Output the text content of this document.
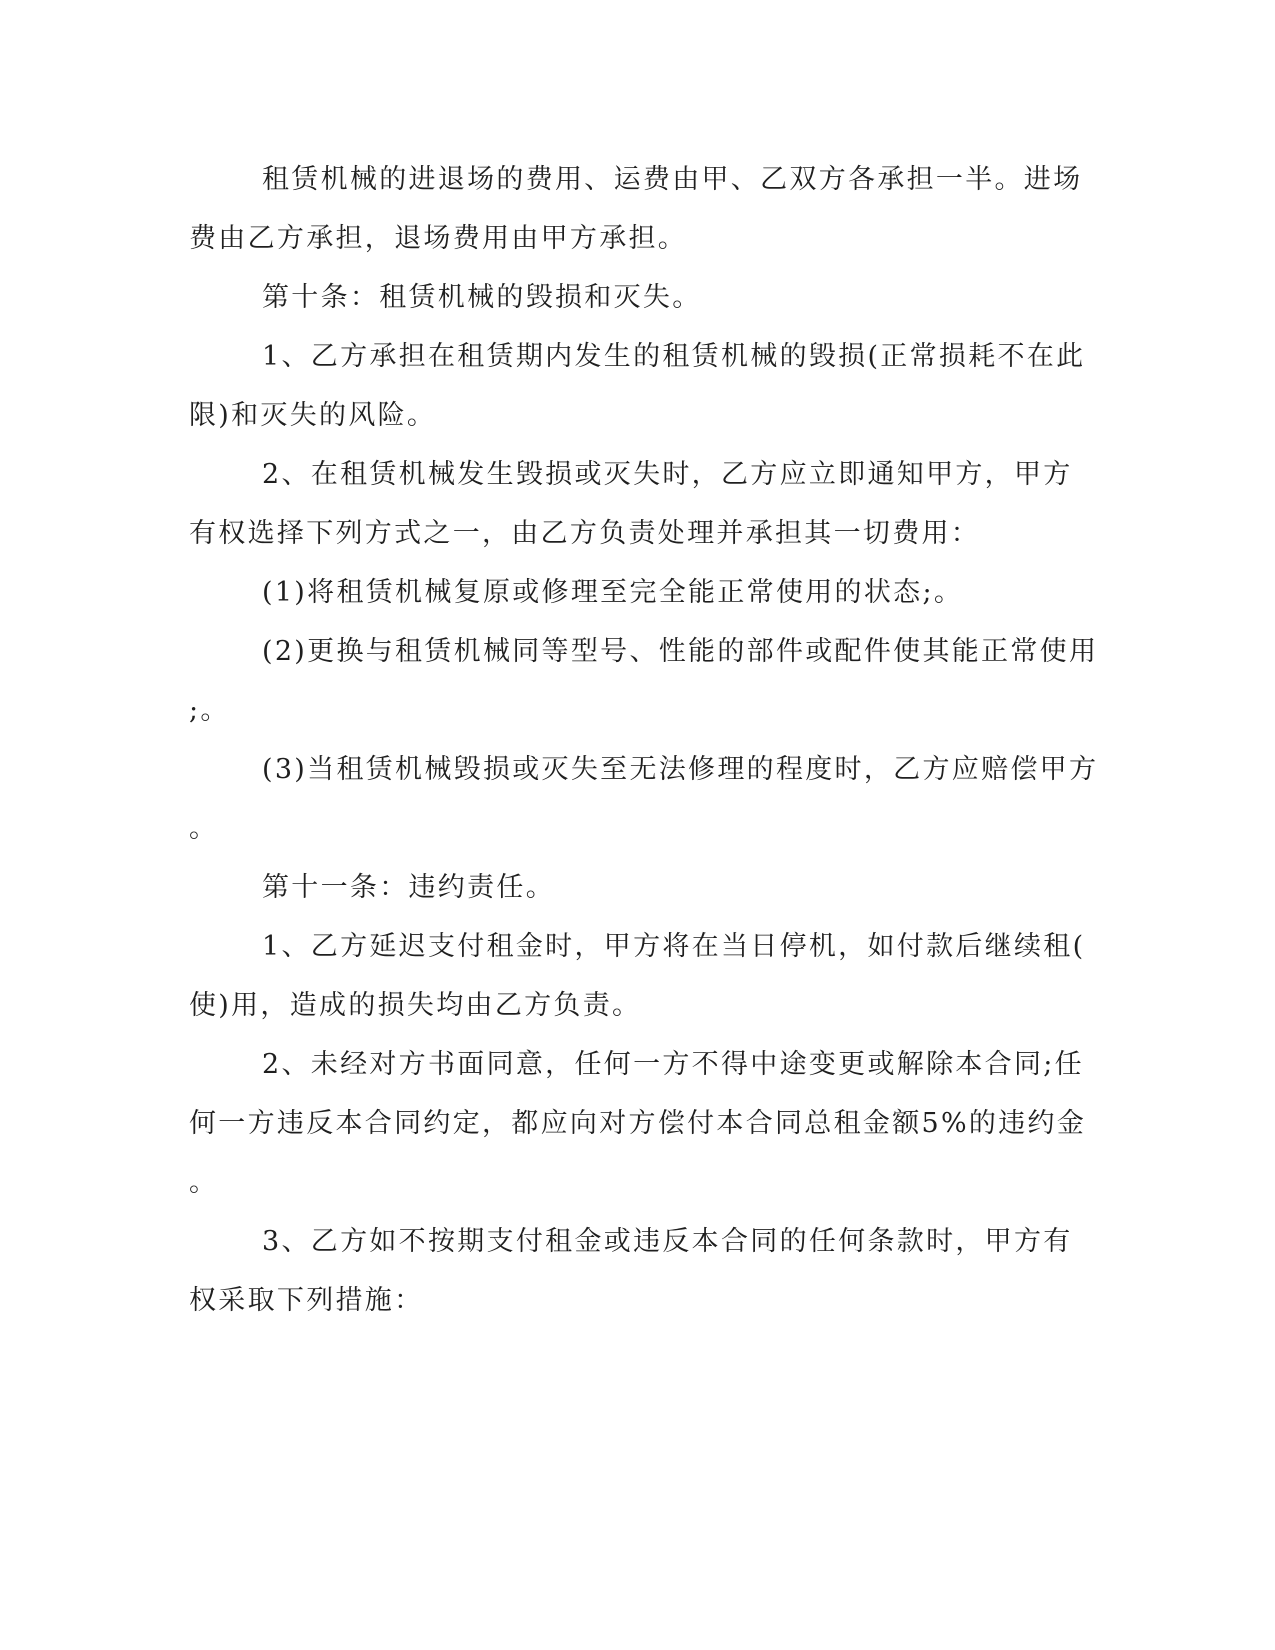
租赁机械的进退场的费用、运费由甲、乙双方各承担一半。进场
费由乙方承担，退场费用由甲方承担。
第十条：租赁机械的毁损和灭失。
1、乙方承担在租赁期内发生的租赁机械的毁损(正常损耗不在此
限)和灭失的风险。
2、在租赁机械发生毁损或灭失时，乙方应立即通知甲方，甲方
有权选择下列方式之一，由乙方负责处理并承担其一切费用：
(1)将租赁机械复原或修理至完全能正常使用的状态;。
(2)更换与租赁机械同等型号、性能的部件或配件使其能正常使用
;。
(3)当租赁机械毁损或灭失至无法修理的程度时，乙方应赔偿甲方
。
第十一条：违约责任。
1、乙方延迟支付租金时，甲方将在当日停机，如付款后继续租(
使)用，造成的损失均由乙方负责。
2、未经对方书面同意，任何一方不得中途变更或解除本合同;任
何一方违反本合同约定，都应向对方偿付本合同总租金额5%的违约金
。
3、乙方如不按期支付租金或违反本合同的任何条款时，甲方有
权采取下列措施：
